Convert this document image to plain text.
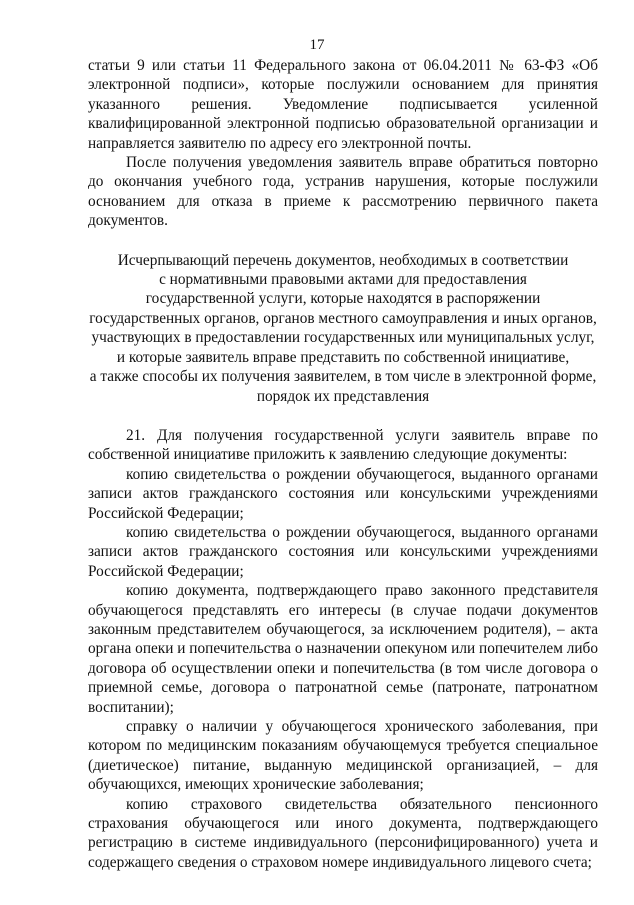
17

статьи 9 или статьи 11 Федерального закона от 06.04.2011 № 63-ФЗ «Об электронной подписи», которые послужили основанием для принятия указанного решения. Уведомление подписывается усиленной квалифицированной электронной подписью образовательной организации и направляется заявителю по адресу его электронной почты.

После получения уведомления заявитель вправе обратиться повторно до окончания учебного года, устранив нарушения, которые послужили основанием для отказа в приеме к рассмотрению первичного пакета документов.

Исчерпывающий перечень документов, необходимых в соответствии

с нормативными правовыми актами для предоставления

государственной услуги, которые находятся в распоряжении

государственных органов, органов местного самоуправления и иных органов,

участвующих в предоставлении государственных или муниципальных услуг,

и которые заявитель вправе представить по собственной инициативе,

а также способы их получения заявителем, в том числе в электронной форме,

порядок их представления

21. Для получения государственной услуги заявитель вправе по собственной инициативе приложить к заявлению следующие документы:

копию свидетельства о рождении обучающегося, выданного органами записи актов гражданского состояния или консульскими учреждениями Российской Федерации;

копию свидетельства о рождении обучающегося, выданного органами записи актов гражданского состояния или консульскими учреждениями Российской Федерации;

копию документа, подтверждающего право законного представителя обучающегося представлять его интересы (в случае подачи документов законным представителем обучающегося, за исключением родителя), – акта органа опеки и попечительства о назначении опекуном или попечителем либо договора об осуществлении опеки и попечительства (в том числе договора о приемной семье, договора о патронатной семье (патронате, патронатном воспитании);

справку о наличии у обучающегося хронического заболевания, при котором по медицинским показаниям обучающемуся требуется специальное (диетическое) питание, выданную медицинской организацией, – для обучающихся, имеющих хронические заболевания;

копию страхового свидетельства обязательного пенсионного страхования обучающегося или иного документа, подтверждающего регистрацию в системе индивидуального (персонифицированного) учета и содержащего сведения о страховом номере индивидуального лицевого счета;
